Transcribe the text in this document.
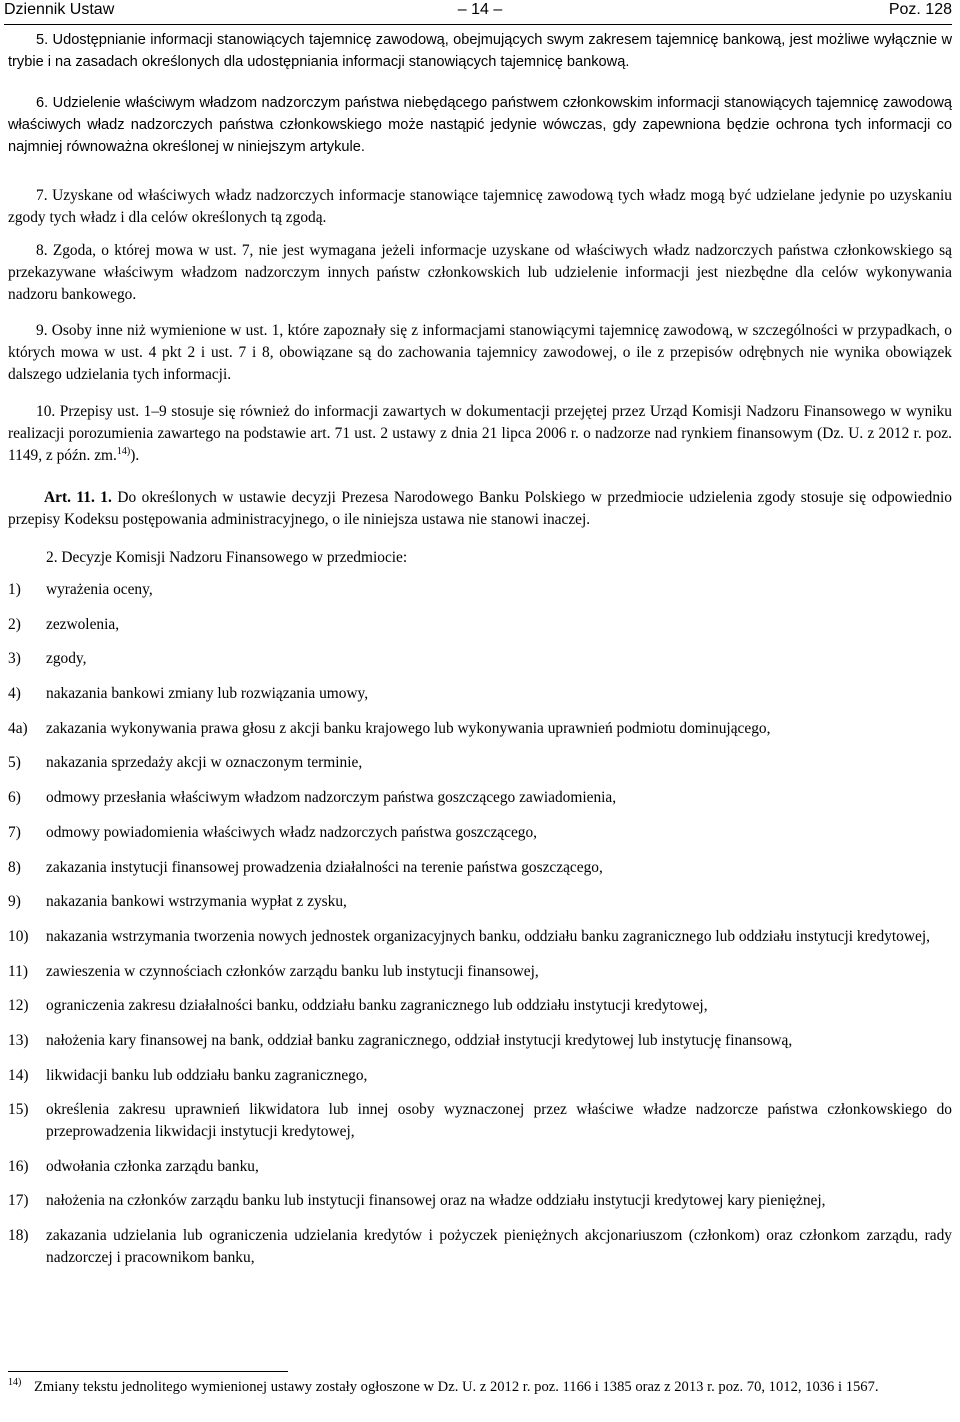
Dziennik Ustaw	– 14 –	Poz. 128

5. Udostępnianie informacji stanowiących tajemnicę zawodową, obejmujących swym zakresem tajemnicę bankową, jest możliwe wyłącznie w trybie i na zasadach określonych dla udostępniania informacji stanowiących tajemnicę bankową.

6. Udzielenie właściwym władzom nadzorczym państwa niebędącego państwem członkowskim informacji stanowiących tajemnicę zawodową właściwych władz nadzorczych państwa członkowskiego może nastąpić jedynie wówczas, gdy zapewniona będzie ochrona tych informacji co najmniej równoważna określonej w niniejszym artykule.

7. Uzyskane od właściwych władz nadzorczych informacje stanowiące tajemnicę zawodową tych władz mogą być udzielane jedynie po uzyskaniu zgody tych władz i dla celów określonych tą zgodą.

8. Zgoda, o której mowa w ust. 7, nie jest wymagana jeżeli informacje uzyskane od właściwych władz nadzorczych państwa członkowskiego są przekazywane właściwym władzom nadzorczym innych państw członkowskich lub udzielenie informacji jest niezbędne dla celów wykonywania nadzoru bankowego.

9. Osoby inne niż wymienione w ust. 1, które zapoznały się z informacjami stanowiącymi tajemnicę zawodową, w szczególności w przypadkach, o których mowa w ust. 4 pkt 2 i ust. 7 i 8, obowiązane są do zachowania tajemnicy zawodowej, o ile z przepisów odrębnych nie wynika obowiązek dalszego udzielania tych informacji.

10. Przepisy ust. 1–9 stosuje się również do informacji zawartych w dokumentacji przejętej przez Urząd Komisji Nadzoru Finansowego w wyniku realizacji porozumienia zawartego na podstawie art. 71 ust. 2 ustawy z dnia 21 lipca 2006 r. o nadzorze nad rynkiem finansowym (Dz. U. z 2012 r. poz. 1149, z późn. zm.$^{14)}$).

Art. 11. 1. Do określonych w ustawie decyzji Prezesa Narodowego Banku Polskiego w przedmiocie udzielenia zgody stosuje się odpowiednio przepisy Kodeksu postępowania administracyjnego, o ile niniejsza ustawa nie stanowi inaczej.

2. Decyzje Komisji Nadzoru Finansowego w przedmiocie:

1) wyrażenia oceny,
2) zezwolenia,
3) zgody,
4) nakazania bankowi zmiany lub rozwiązania umowy,
4a) zakazania wykonywania prawa głosu z akcji banku krajowego lub wykonywania uprawnień podmiotu dominującego,
5) nakazania sprzedaży akcji w oznaczonym terminie,
6) odmowy przesłania właściwym władzom nadzorczym państwa goszczącego zawiadomienia,
7) odmowy powiadomienia właściwych władz nadzorczych państwa goszczącego,
8) zakazania instytucji finansowej prowadzenia działalności na terenie państwa goszczącego,
9) nakazania bankowi wstrzymania wypłat z zysku,
10) nakazania wstrzymania tworzenia nowych jednostek organizacyjnych banku, oddziału banku zagranicznego lub oddziału instytucji kredytowej,
11) zawieszenia w czynnościach członków zarządu banku lub instytucji finansowej,
12) ograniczenia zakresu działalności banku, oddziału banku zagranicznego lub oddziału instytucji kredytowej,
13) nałożenia kary finansowej na bank, oddział banku zagranicznego, oddział instytucji kredytowej lub instytucję finansową,
14) likwidacji banku lub oddziału banku zagranicznego,
15) określenia zakresu uprawnień likwidatora lub innej osoby wyznaczonej przez właściwe władze nadzorcze państwa członkowskiego do przeprowadzenia likwidacji instytucji kredytowej,
16) odwołania członka zarządu banku,
17) nałożenia na członków zarządu banku lub instytucji finansowej oraz na władze oddziału instytucji kredytowej kary pieniężnej,
18) zakazania udzielania lub ograniczenia udzielania kredytów i pożyczek pieniężnych akcjonariuszom (członkom) oraz członkom zarządu, rady nadzorczej i pracownikom banku,
14) Zmiany tekstu jednolitego wymienionej ustawy zostały ogłoszone w Dz. U. z 2012 r. poz. 1166 i 1385 oraz z 2013 r. poz. 70, 1012, 1036 i 1567.
